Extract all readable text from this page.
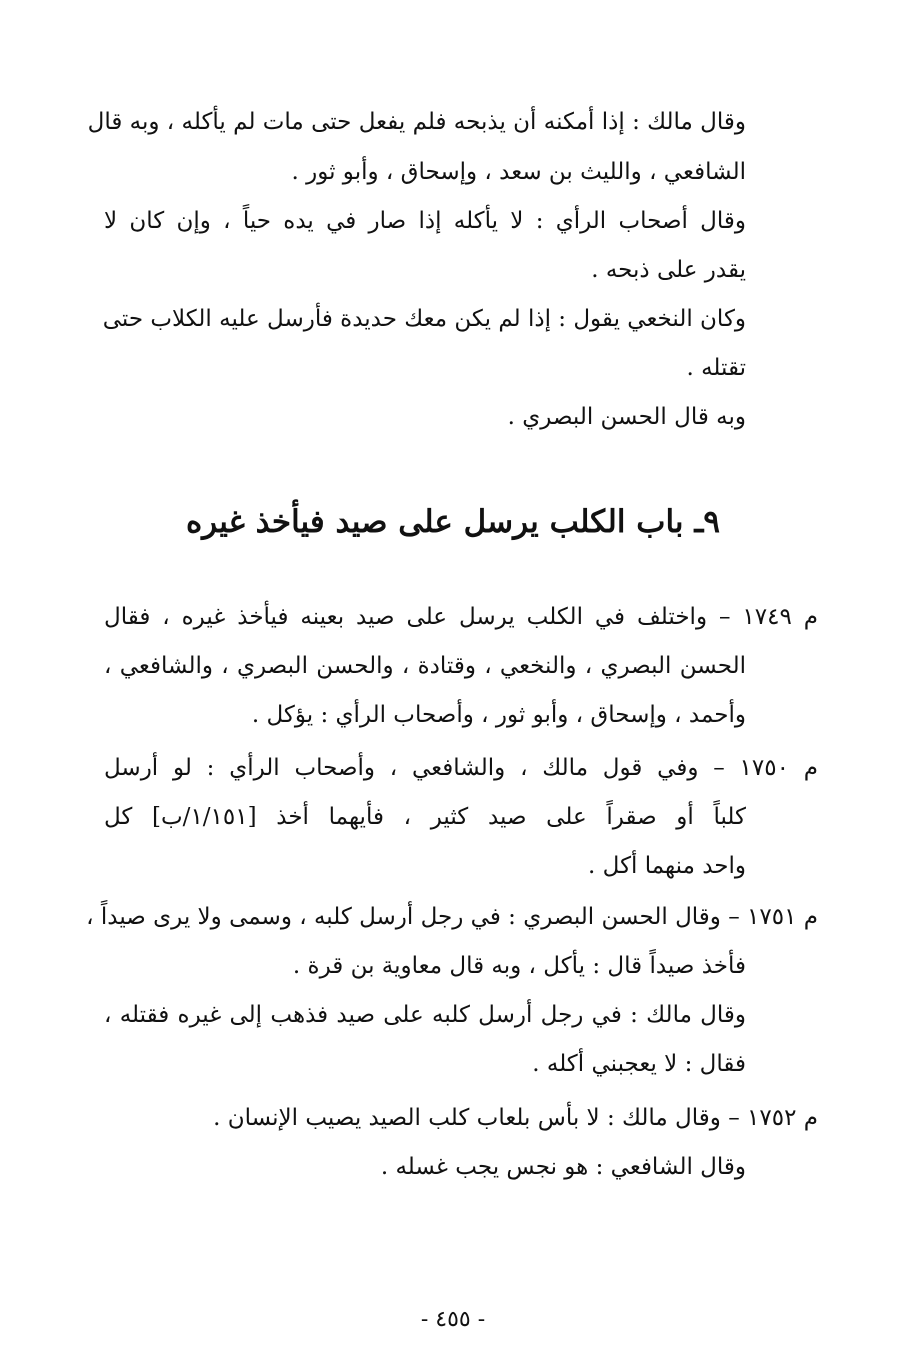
وقال مالك : إذا أمكنه أن يذبحه فلم يفعل حتى مات لم يأكله ، وبه قال
الشافعي ، والليث بن سعد ، وإسحاق ، وأبو ثور .
وقال أصحاب الرأي : لا يأكله إذا صار في يده حياً ، وإن كان لا
يقدر على ذبحه .
وكان النخعي يقول : إذا لم يكن معك حديدة فأرسل عليه الكلاب حتى
تقتله .
وبه قال الحسن البصري .
٩ـ باب الكلب يرسل على صيد فيأخذ غيره
م ١٧٤٩ – واختلف في الكلب يرسل على صيد بعينه فيأخذ غيره ، فقال
الحسن البصري ، والنخعي ، وقتادة ، والحسن البصري ، والشافعي ،
وأحمد ، وإسحاق ، وأبو ثور ، وأصحاب الرأي : يؤكل .
م ١٧٥٠ – وفي قول مالك ، والشافعي ، وأصحاب الرأي : لو أرسل
كلباً أو صقراً على صيد كثير ، فأيهما أخذ [١/١٥١/ب] كل
واحد منهما أكل .
م ١٧٥١ – وقال الحسن البصري : في رجل أرسل كلبه ، وسمى ولا يرى صيداً ،
فأخذ صيداً قال : يأكل ، وبه قال معاوية بن قرة .
وقال مالك : في رجل أرسل كلبه على صيد فذهب إلى غيره فقتله ،
فقال : لا يعجبني أكله .
م ١٧٥٢ – وقال مالك : لا بأس بلعاب كلب الصيد يصيب الإنسان .
وقال الشافعي : هو نجس يجب غسله .
- ٤٥٥ -
